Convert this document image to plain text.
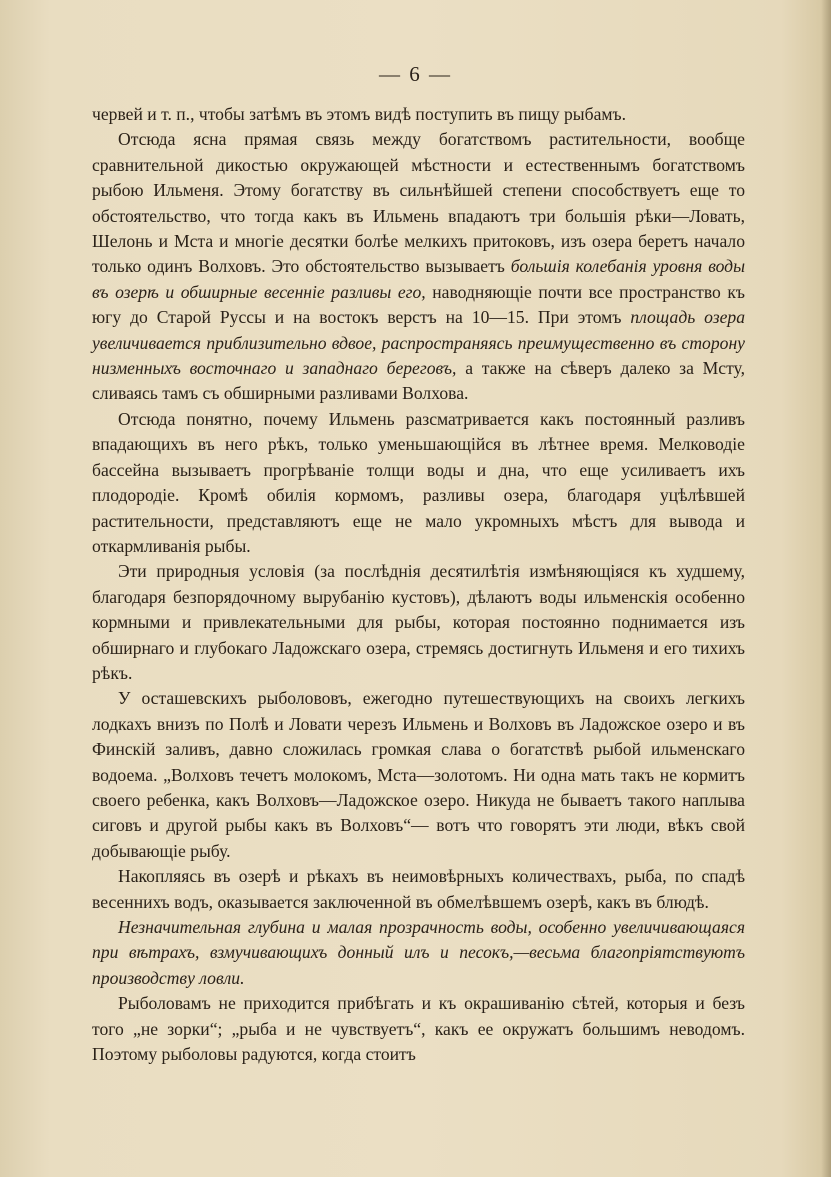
— 6 —

червей и т. п., чтобы затѣмъ въ этомъ видѣ поступить въ пищу рыбамъ.

Отсюда ясна прямая связь между богатствомъ растительности, вообще сравнительной дикостью окружающей мѣстности и естественнымъ богатствомъ рыбою Ильменя. Этому богатству въ сильнѣйшей степени способствуетъ еще то обстоятельство, что тогда какъ въ Ильмень впадаютъ три большія рѣки—Ловать, Шелонь и Мста и многіе десятки болѣе мелкихъ притоковъ, изъ озера беретъ начало только одинъ Волховъ. Это обстоятельство вызываетъ большія колебанія уровня воды въ озерѣ и обширные весенніе разливы его, наводняющіе почти все пространство къ югу до Старой Руссы и на востокъ верстъ на 10—15. При этомъ площадь озера увеличивается приблизительно вдвое, распространяясь преимущественно въ сторону низменныхъ восточнаго и западнаго береговъ, а также на сѣверъ далеко за Мсту, сливаясь тамъ съ обширными разливами Волхова.

Отсюда понятно, почему Ильмень разсматривается какъ постоянный разливъ впадающихъ въ него рѣкъ, только уменьшающійся въ лѣтнее время. Мелководіе бассейна вызываетъ прогрѣваніе толщи воды и дна, что еще усиливаетъ ихъ плодородіе. Кромѣ обилія кормомъ, разливы озера, благодаря уцѣлѣвшей растительности, представляютъ еще не мало укромныхъ мѣстъ для вывода и откармливанія рыбы.

Эти природныя условія (за послѣднія десятилѣтія измѣняющіяся къ худшему, благодаря безпорядочному вырубанію кустовъ), дѣлаютъ воды ильменскія особенно кормными и привлекательными для рыбы, которая постоянно поднимается изъ обширнаго и глубокаго Ладожскаго озера, стремясь достигнуть Ильменя и его тихихъ рѣкъ.

У осташевскихъ рыболововъ, ежегодно путешествующихъ на своихъ легкихъ лодкахъ внизъ по Полѣ и Ловати черезъ Ильмень и Волховъ въ Ладожское озеро и въ Финскій заливъ, давно сложилась громкая слава о богатствѣ рыбой ильменскаго водоема. „Волховъ течетъ молокомъ, Мста—золотомъ. Ни одна мать такъ не кормитъ своего ребенка, какъ Волховъ—Ладожское озеро. Никуда не бываетъ такого наплыва сиговъ и другой рыбы какъ въ Волховъ“— вотъ что говорятъ эти люди, вѣкъ свой добывающіе рыбу.

Накопляясь въ озерѣ и рѣкахъ въ неимовѣрныхъ количествахъ, рыба, по спадѣ весеннихъ водъ, оказывается заключенной въ обмелѣвшемъ озерѣ, какъ въ блюдѣ.

Незначительная глубина и малая прозрачность воды, особенно увеличивающаяся при вѣтрахъ, взмучивающихъ донный илъ и песокъ,—весьма благопріятствуютъ производству ловли.

Рыболовамъ не приходится прибѣгать и къ окрашиванію сѣтей, которыя и безъ того „не зорки“; „рыба и не чувствуетъ“, какъ ее окружатъ большимъ неводомъ. Поэтому рыболовы радуются, когда стоитъ
